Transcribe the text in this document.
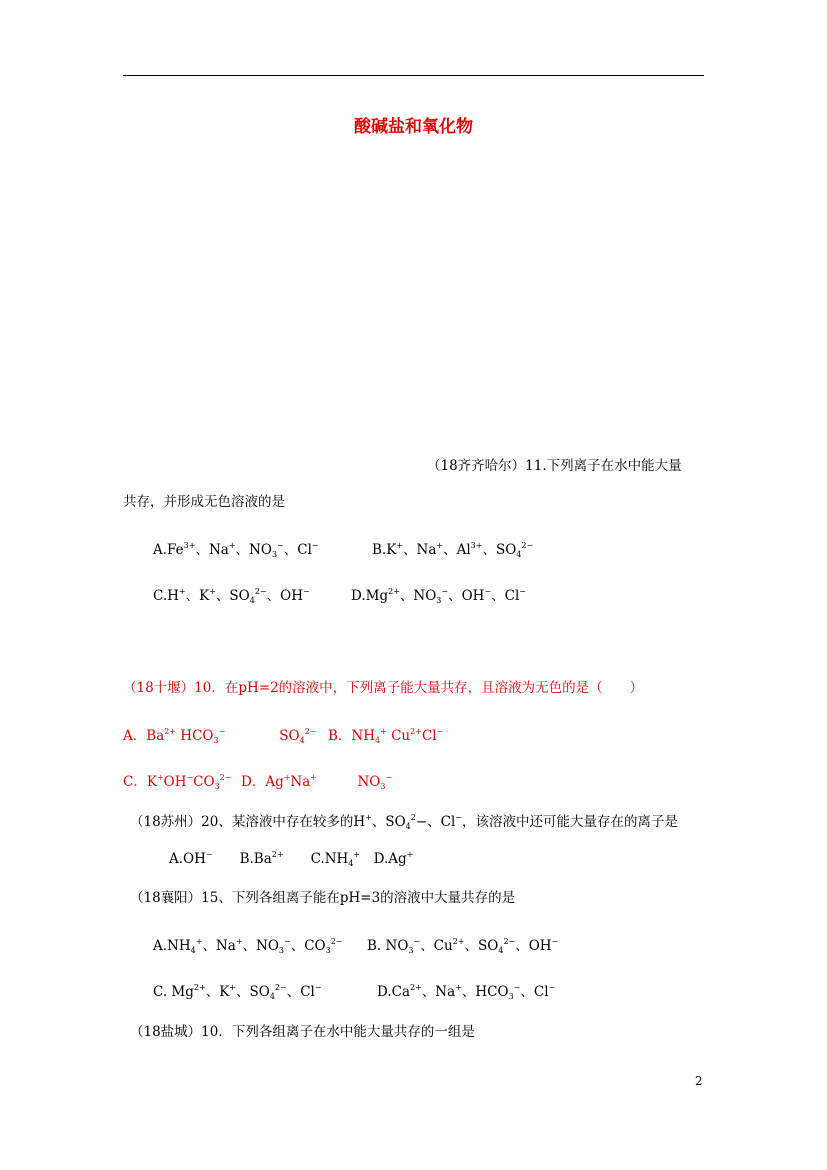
酸碱盐和氧化物
（18齐齐哈尔）11.下列离子在水中能大量
共存，并形成无色溶液的是
$A.Fe^{3+}$、Na+、$NO_3^-$、Cl−	B.K+、Na+、$Al^{3+}$、$SO_4^{2-}$
C.H+、K+、$SO_4^{2-}$、OH−	$D.Mg^{2+}$、$NO_3^-$、OH−、Cl−
（18十堰）10．在pH=2的溶液中，下列离子能大量共存，且溶液为无色的是（　　）
A．$Ba^{2+}$ $HCO_3^-$　　　　$SO_4^{2-}$ B．$NH_4^+$ $Cu^{2+}Cl^-$
C．$K^+OH^-CO_3^{2-}$ D．Ag+Na+　　　$NO_3^-$
（18苏州）20、某溶液中存在较多的H+、$SO_4^2-$、Cl−，该溶液中还可能大量存在的离子是
A.OH−　　$B.Ba^{2+}$　　$C.NH_4^+$　D.Ag+
（18襄阳）15、下列各组离子能在pH=3的溶液中大量共存的是
$A.NH_4^+$、Na+、$NO_3^-$、$CO_3^{2-}$ B. $NO_3^-$、$Cu^{2+}$、$SO_4^{2-}$、OH−
C. $Mg^{2+}$、K+、$SO_4^{2-}$、Cl−	$D.Ca^{2+}$、Na+、$HCO_3^-$、Cl−
（18盐城）10．下列各组离子在水中能大量共存的一组是
2
